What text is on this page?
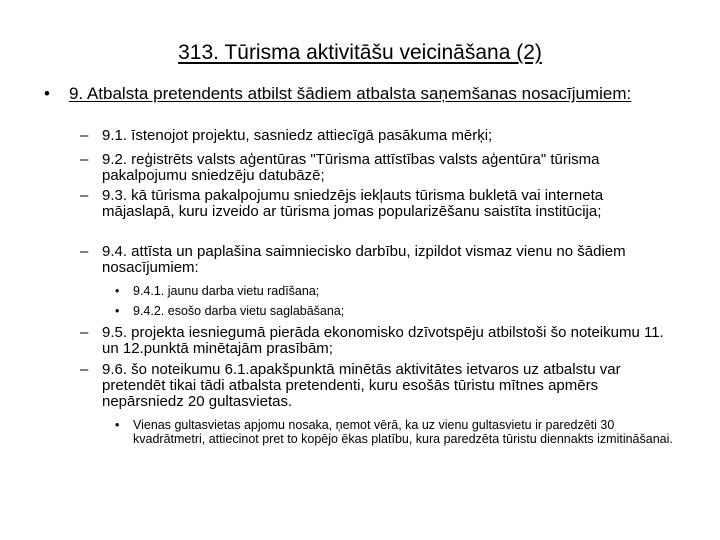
313. Tūrisma aktivitāšu veicināšana (2)
•	9. Atbalsta pretendents atbilst šādiem atbalsta saņemšanas nosacījumiem:
– 9.1. īstenojot projektu, sasniedz attiecīgā pasākuma mērķi;
– 9.2. reģistrēts valsts aģentūras "Tūrisma attīstības valsts aģentūra" tūrisma pakalpojumu sniedzēju datubāzē;
– 9.3. kā tūrisma pakalpojumu sniedzējs iekļauts tūrisma bukletā vai interneta mājaslapā, kuru izveido ar tūrisma jomas popularizēšanu saistīta institūcija;
– 9.4. attīsta un paplašina saimniecisko darbību, izpildot vismaz vienu no šādiem nosacījumiem:
•	9.4.1. jaunu darba vietu radīšana;
•	9.4.2. esošo darba vietu saglabāšana;
– 9.5. projekta iesniegumā pierāda ekonomisko dzīvotspēju atbilstoši šo noteikumu 11. un 12.punktā minētajām prasībām;
– 9.6. šo noteikumu 6.1.apakšpunktā minētās aktivitātes ietvaros uz atbalstu var pretendēt tikai tādi atbalsta pretendenti, kuru esošās tūristu mītnes apmērs nepārsniedz 20 gultasvietas.
•	Vienas gultasvietas apjomu nosaka, ņemot vērā, ka uz vienu gultasvietu ir paredzēti 30 kvadrātmetri, attiecinot pret to kopējo ēkas platību, kura paredzēta tūristu diennakts izmitināšanai.
